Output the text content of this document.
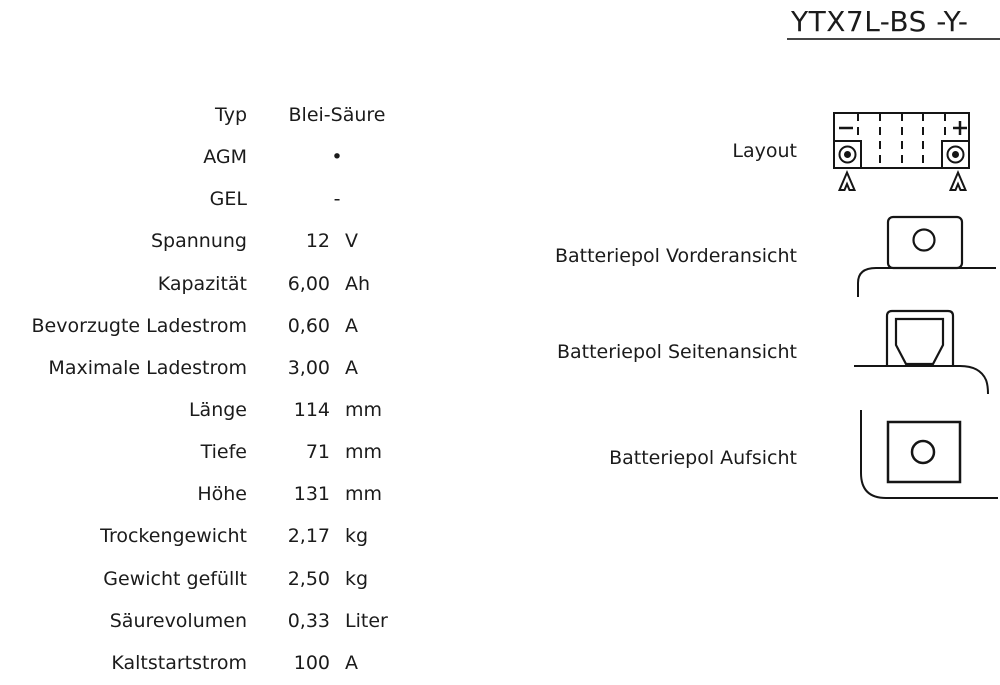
YTX7L-BS -Y-
Typ	Blei-Säure
AGM	•
GEL	-
Spannung	12 V
Kapazität	6,00 Ah
Bevorzugte Ladestrom	0,60 A
Maximale Ladestrom	3,00 A
Länge	114 mm
Tiefe	71 mm
Höhe	131 mm
Trockengewicht	2,17 kg
Gewicht gefüllt	2,50 kg
Säurevolumen	0,33 Liter
Kaltstartstrom	100 A
Layout
Batteriepol Vorderansicht
Batteriepol Seitenansicht
Batteriepol Aufsicht
